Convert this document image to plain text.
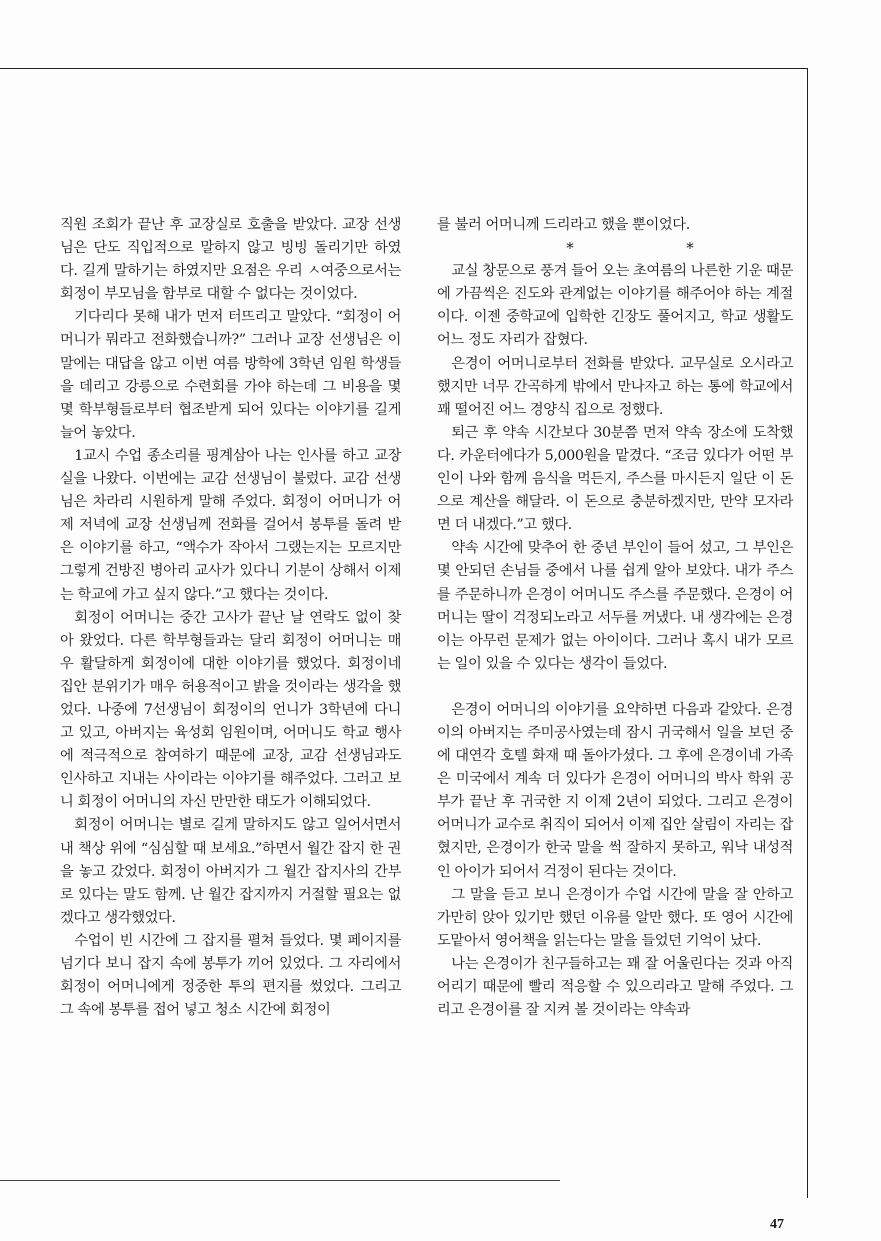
직원 조회가 끝난 후 교장실로 호출을 받았다. 교장 선생님은 단도 직입적으로 말하지 않고 빙빙 돌리기만 하였다. 길게 말하기는 하였지만 요점은 우리 ㅅ여중으로서는 회정이 부모님을 함부로 대할 수 없다는 것이었다.

기다리다 못해 내가 먼저 터뜨리고 말았다. “회정이 어머니가 뭐라고 전화했습니까?” 그러나 교장 선생님은 이 말에는 대답을 않고 이번 여름 방학에 3학년 임원 학생들을 데리고 강릉으로 수련회를 가야 하는데 그 비용을 몇몇 학부형들로부터 협조받게 되어 있다는 이야기를 길게 늘어 놓았다.

1교시 수업 종소리를 핑계삼아 나는 인사를 하고 교장실을 나왔다. 이번에는 교감 선생님이 불렀다. 교감 선생님은 차라리 시원하게 말해 주었다. 회정이 어머니가 어제 저녁에 교장 선생님께 전화를 걸어서 봉투를 돌려 받은 이야기를 하고, “액수가 작아서 그랬는지는 모르지만 그렇게 건방진 병아리 교사가 있다니 기분이 상해서 이제는 학교에 가고 싶지 않다.”고 했다는 것이다.

회정이 어머니는 중간 고사가 끝난 날 연락도 없이 찾아 왔었다. 다른 학부형들과는 달리 회정이 어머니는 매우 활달하게 회정이에 대한 이야기를 했었다. 회정이네 집안 분위기가 매우 허용적이고 밝을 것이라는 생각을 했었다. 나중에 7선생님이 회정이의 언니가 3학년에 다니고 있고, 아버지는 육성회 임원이며, 어머니도 학교 행사에 적극적으로 참여하기 때문에 교장, 교감 선생님과도 인사하고 지내는 사이라는 이야기를 해주었다. 그러고 보니 회정이 어머니의 자신 만만한 태도가 이해되었다.

회정이 어머니는 별로 길게 말하지도 않고 일어서면서 내 책상 위에 “심심할 때 보세요.”하면서 월간 잡지 한 권을 놓고 갔었다. 회정이 아버지가 그 월간 잡지사의 간부로 있다는 말도 함께. 난 월간 잡지까지 거절할 필요는 없겠다고 생각했었다.

수업이 빈 시간에 그 잡지를 펼쳐 들었다. 몇 페이지를 넘기다 보니 잡지 속에 봉투가 끼어 있었다. 그 자리에서 회정이 어머니에게 정중한 투의 편지를 썼었다. 그리고 그 속에 봉투를 접어 넣고 청소 시간에 회정이

를 불러 어머니께 드리라고 했을 뿐이었다.

*	*

교실 창문으로 풍겨 들어 오는 초여름의 나른한 기운 때문에 가끔씩은 진도와 관계없는 이야기를 해주어야 하는 계절이다. 이젠 중학교에 입학한 긴장도 풀어지고, 학교 생활도 어느 정도 자리가 잡혔다.

은경이 어머니로부터 전화를 받았다. 교무실로 오시라고 했지만 너무 간곡하게 밖에서 만나자고 하는 통에 학교에서 꽤 떨어진 어느 경양식 집으로 정했다.

퇴근 후 약속 시간보다 30분쯤 먼저 약속 장소에 도착했다. 카운터에다가 5,000원을 맡겼다. “조금 있다가 어떤 부인이 나와 함께 음식을 먹든지, 주스를 마시든지 일단 이 돈으로 계산을 해달라. 이 돈으로 충분하겠지만, 만약 모자라면 더 내겠다.”고 했다.

약속 시간에 맞추어 한 중년 부인이 들어 섰고, 그 부인은 몇 안되던 손님들 중에서 나를 쉽게 알아 보았다. 내가 주스를 주문하니까 은경이 어머니도 주스를 주문했다. 은경이 어머니는 딸이 걱정되노라고 서두를 꺼냈다. 내 생각에는 은경이는 아무런 문제가 없는 아이이다. 그러나 혹시 내가 모르는 일이 있을 수 있다는 생각이 들었다.

은경이 어머니의 이야기를 요약하면 다음과 같았다. 은경이의 아버지는 주미공사였는데 잠시 귀국해서 일을 보던 중에 대연각 호텔 화재 때 돌아가셨다. 그 후에 은경이네 가족은 미국에서 계속 더 있다가 은경이 어머니의 박사 학위 공부가 끝난 후 귀국한 지 이제 2년이 되었다. 그리고 은경이 어머니가 교수로 취직이 되어서 이제 집안 살림이 자리는 잡혔지만, 은경이가 한국 말을 썩 잘하지 못하고, 워낙 내성적인 아이가 되어서 걱정이 된다는 것이다.

그 말을 듣고 보니 은경이가 수업 시간에 말을 잘 안하고 가만히 앉아 있기만 했던 이유를 알만 했다. 또 영어 시간에 도맡아서 영어책을 읽는다는 말을 들었던 기억이 났다.

나는 은경이가 친구들하고는 꽤 잘 어울린다는 것과 아직 어리기 때문에 빨리 적응할 수 있으리라고 말해 주었다. 그리고 은경이를 잘 지켜 볼 것이라는 약속과

47
